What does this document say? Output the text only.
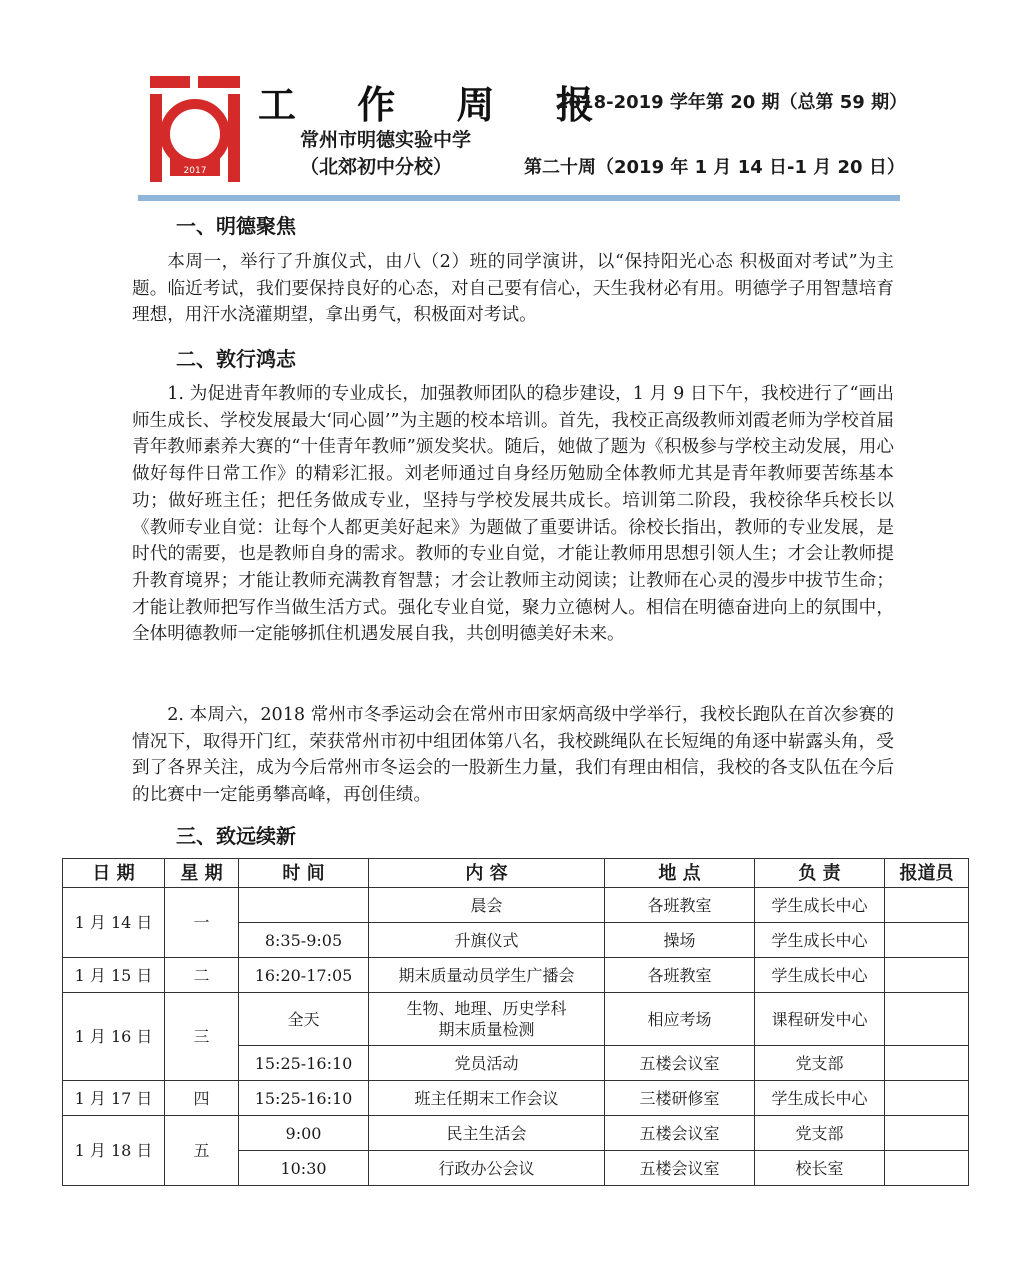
2017
工 作 周 报
2018-2019 学年第 20 期（总第 59 期）
常州市明德实验中学
（北郊初中分校）	第二十周（2019 年 1 月 14 日-1 月 20 日）
一、明德聚焦

本周一，举行了升旗仪式，由八（2）班的同学演讲，以“保持阳光心态 积极面对考试”为主题。临近考试，我们要保持良好的心态，对自己要有信心，天生我材必有用。明德学子用智慧培育理想，用汗水浇灌期望，拿出勇气，积极面对考试。

二、敦行鸿志

1. 为促进青年教师的专业成长，加强教师团队的稳步建设，1 月 9 日下午，我校进行了“画出师生成长、学校发展最大‘同心圆’”为主题的校本培训。首先，我校正高级教师刘霞老师为学校首届青年教师素养大赛的“十佳青年教师”颁发奖状。随后，她做了题为《积极参与学校主动发展，用心做好每件日常工作》的精彩汇报。刘老师通过自身经历勉励全体教师尤其是青年教师要苦练基本功；做好班主任；把任务做成专业，坚持与学校发展共成长。培训第二阶段，我校徐华兵校长以《教师专业自觉：让每个人都更美好起来》为题做了重要讲话。徐校长指出，教师的专业发展，是时代的需要，也是教师自身的需求。教师的专业自觉，才能让教师用思想引领人生；才会让教师提升教育境界；才能让教师充满教育智慧；才会让教师主动阅读；让教师在心灵的漫步中拔节生命；才能让教师把写作当做生活方式。强化专业自觉，聚力立德树人。相信在明德奋进向上的氛围中，全体明德教师一定能够抓住机遇发展自我，共创明德美好未来。

2. 本周六，2018 常州市冬季运动会在常州市田家炳高级中学举行，我校长跑队在首次参赛的情况下，取得开门红，荣获常州市初中组团体第八名，我校跳绳队在长短绳的角逐中崭露头角，受到了各界关注，成为今后常州市冬运会的一股新生力量，我们有理由相信，我校的各支队伍在今后的比赛中一定能勇攀高峰，再创佳绩。

三、致远续新
日 期	星 期	时 间	内 容	地 点	负 责	报道员
1 月 14 日	一		晨会	各班教室	学生成长中心	
		8:35-9:05	升旗仪式	操场	学生成长中心	
1 月 15 日	二	16:20-17:05	期末质量动员学生广播会	各班教室	学生成长中心	
1 月 16 日	三	全天	生物、地理、历史学科
期末质量检测	相应考场	课程研发中心	
		15:25-16:10	党员活动	五楼会议室	党支部	
1 月 17 日	四	15:25-16:10	班主任期末工作会议	三楼研修室	学生成长中心	
1 月 18 日	五	9:00	民主生活会	五楼会议室	党支部	
		10:30	行政办公会议	五楼会议室	校长室	
